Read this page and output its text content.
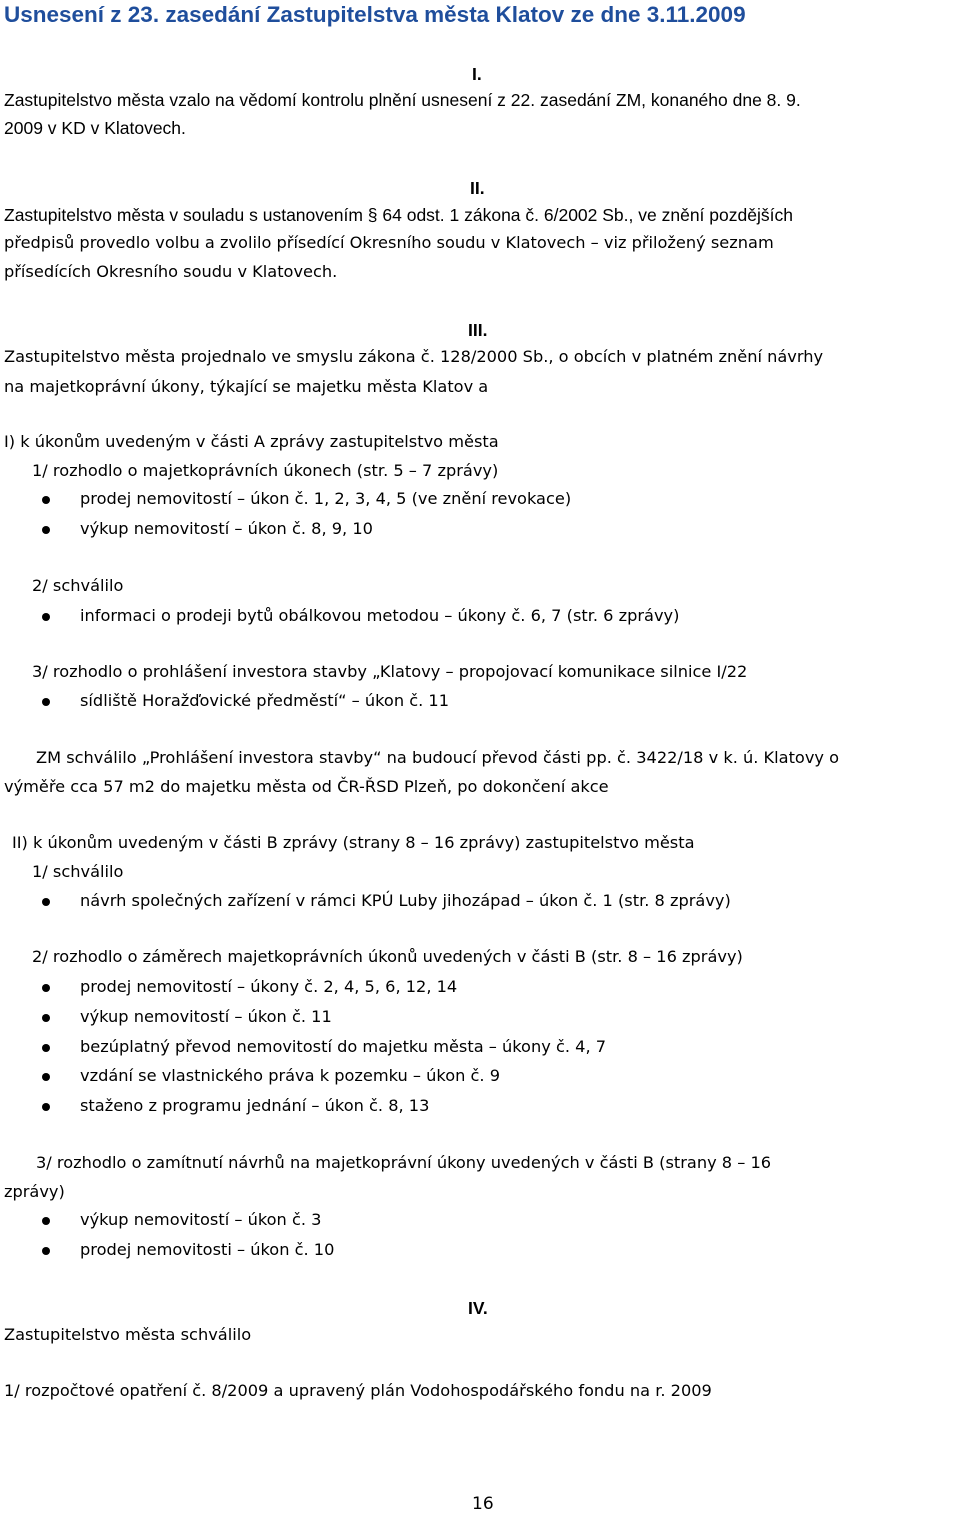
Usnesení z 23. zasedání Zastupitelstva města Klatov ze dne 3.11.2009
I.
Zastupitelstvo města vzalo na vědomí kontrolu plnění usnesení z 22. zasedání ZM, konaného dne 8. 9.
2009 v KD v Klatovech.
II.
Zastupitelstvo města v souladu s ustanovením § 64 odst. 1 zákona č. 6/2002 Sb., ve znění pozdějších
předpisů provedlo volbu a zvolilo přísedící Okresního soudu v Klatovech – viz přiložený seznam
přísedících Okresního soudu v Klatovech.
III.
Zastupitelstvo města projednalo ve smyslu zákona č. 128/2000 Sb., o obcích v platném znění návrhy
na majetkoprávní úkony, týkající se majetku města Klatov a
I) k úkonům uvedeným v části A zprávy zastupitelstvo města
1/ rozhodlo o majetkoprávních úkonech (str. 5 – 7 zprávy)
prodej nemovitostí – úkon č. 1, 2, 3, 4, 5 (ve znění revokace)
výkup nemovitostí – úkon č. 8, 9, 10
2/ schválilo
informaci o prodeji bytů obálkovou metodou – úkony č. 6, 7 (str. 6 zprávy)
3/ rozhodlo o prohlášení investora stavby „Klatovy – propojovací komunikace silnice I/22
sídliště Horažďovické předměstí“ – úkon č. 11
ZM schválilo „Prohlášení investora stavby“ na budoucí převod části pp. č. 3422/18 v k. ú. Klatovy o
výměře cca 57 m2 do majetku města od ČR-ŘSD Plzeň, po dokončení akce
II) k úkonům uvedeným v části B zprávy (strany 8 – 16 zprávy) zastupitelstvo města
1/ schválilo
návrh společných zařízení v rámci KPÚ Luby jihozápad – úkon č. 1 (str. 8 zprávy)
2/ rozhodlo o záměrech majetkoprávních úkonů uvedených v části B (str. 8 – 16 zprávy)
prodej nemovitostí – úkony č. 2, 4, 5, 6, 12, 14
výkup nemovitostí – úkon č. 11
bezúplatný převod nemovitostí do majetku města – úkony č. 4, 7
vzdání se vlastnického práva k pozemku – úkon č. 9
staženo z programu jednání – úkon č. 8, 13
3/ rozhodlo o zamítnutí návrhů na majetkoprávní úkony uvedených v části B (strany 8 – 16
zprávy)
výkup nemovitostí – úkon č. 3
prodej nemovitosti – úkon č. 10
IV.
Zastupitelstvo města schválilo
1/ rozpočtové opatření č. 8/2009 a upravený plán Vodohospodářského fondu na r. 2009
16
